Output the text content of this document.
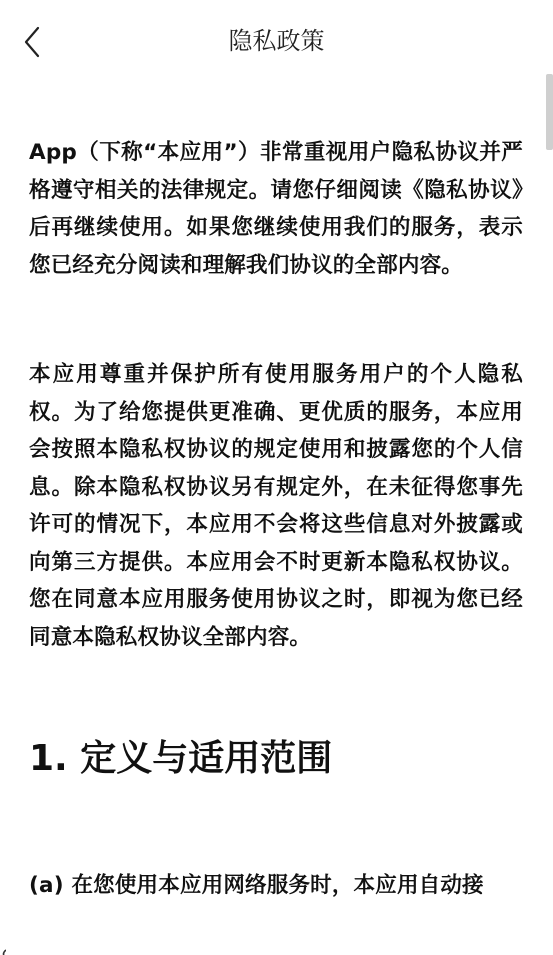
隐私政策

App（下称“本应用”）非常重视用户隐私协议并严格遵守相关的法律规定。请您仔细阅读《隐私协议》后再继续使用。如果您继续使用我们的服务，表示您已经充分阅读和理解我们协议的全部内容。

本应用尊重并保护所有使用服务用户的个人隐私权。为了给您提供更准确、更优质的服务，本应用会按照本隐私权协议的规定使用和披露您的个人信息。除本隐私权协议另有规定外，在未征得您事先许可的情况下，本应用不会将这些信息对外披露或向第三方提供。本应用会不时更新本隐私权协议。您在同意本应用服务使用协议之时，即视为您已经同意本隐私权协议全部内容。

1. 定义与适用范围

(a) 在您使用本应用网络服务时，本应用自动接
